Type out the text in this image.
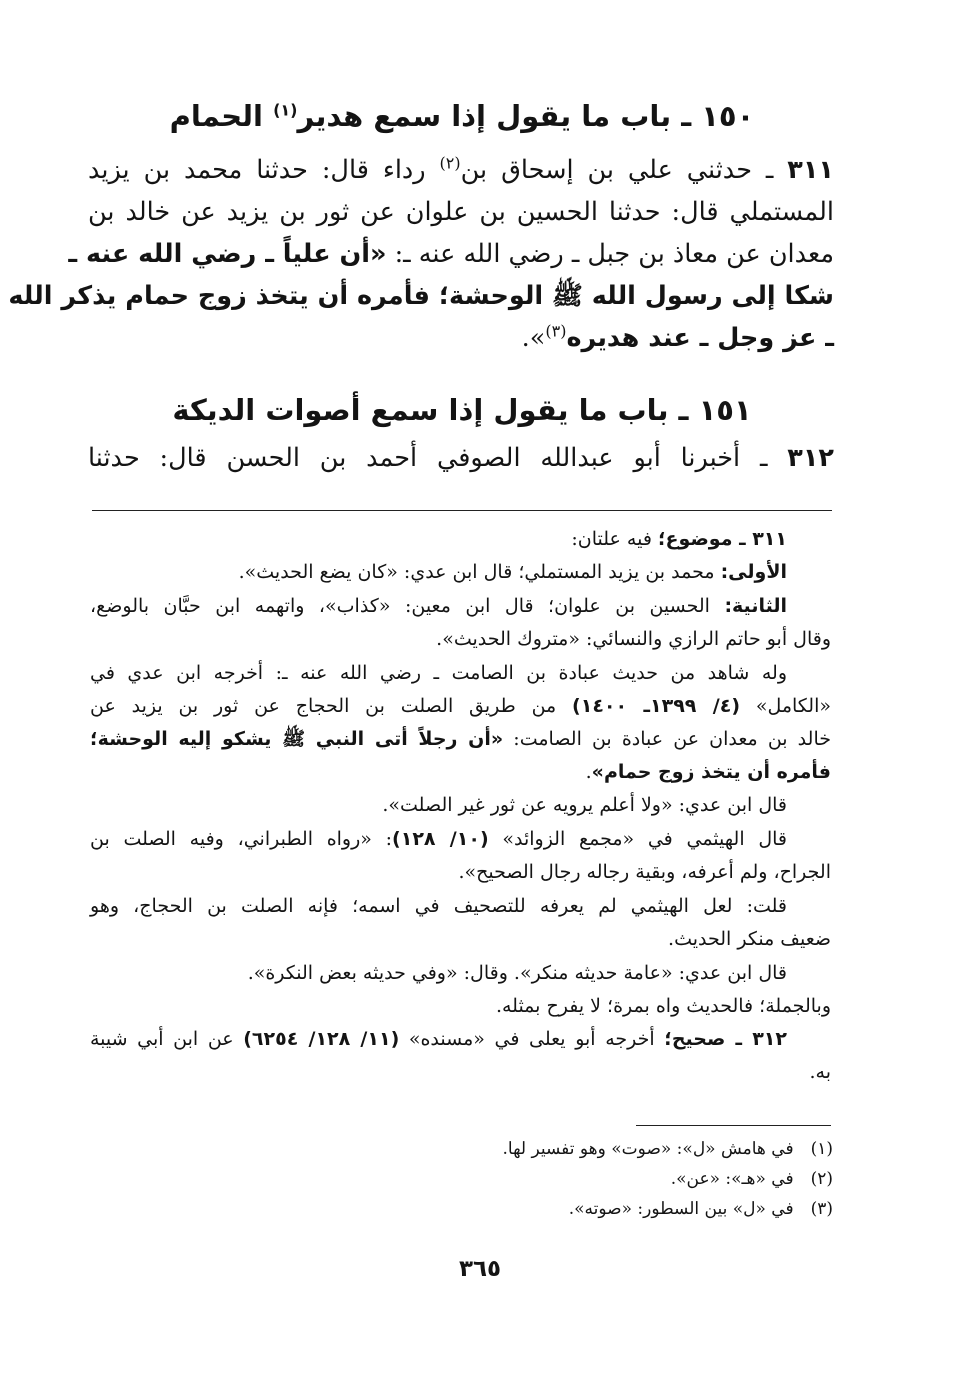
١٥٠ ـ باب ما يقول إذا سمع هدير$^{(١)}$ الحمام
٣١١ ـ حدثني علي بن إسحاق بن$^{(٢)}$ رداء قال: حدثنا محمد بن يزيد
المستملي قال: حدثنا الحسين بن علوان عن ثور بن يزيد عن خالد بن
معدان عن معاذ بن جبل ـ رضي الله عنه ـ: «أن علياً ـ رضي الله عنه ـ
شكا إلى رسول الله ﷺ الوحشة؛ فأمره أن يتخذ زوج حمام يذكر الله
ـ عز وجل ـ عند هديره$^{(٣)}$».
١٥١ ـ باب ما يقول إذا سمع أصوات الديكة
٣١٢ ـ أخبرنا أبو عبدالله الصوفي أحمد بن الحسن قال: حدثنا
٣١١ ـ موضوع؛ فيه علتان:
الأولى: محمد بن يزيد المستملي؛ قال ابن عدي: «كان يضع الحديث».
الثانية: الحسين بن علوان؛ قال ابن معين: «كذاب»، واتهمه ابن حبَّان بالوضع،
وقال أبو حاتم الرازي والنسائي: «متروك الحديث».
وله شاهد من حديث عبادة بن الصامت ـ رضي الله عنه ـ: أخرجه ابن عدي في
«الكامل» (٤/ ١٣٩٩ـ ١٤٠٠) من طريق الصلت بن الحجاج عن ثور بن يزيد عن
خالد بن معدان عن عبادة بن الصامت: «أن رجلاً أتى النبي ﷺ يشكو إليه الوحشة؛
فأمره أن يتخذ زوج حمام».
قال ابن عدي: «ولا أعلم يرويه عن ثور غير الصلت».
قال الهيثمي في «مجمع الزوائد» (١٠/ ١٢٨): «رواه الطبراني، وفيه الصلت بن
الجراح، ولم أعرفه، وبقية رجاله رجال الصحيح».
قلت: لعل الهيثمي لم يعرفه للتصحيف في اسمه؛ فإنه الصلت بن الحجاج، وهو
ضعيف منكر الحديث.
قال ابن عدي: «عامة حديثه منكر». وقال: «وفي حديثه بعض النكرة».
وبالجملة؛ فالحديث واه بمرة؛ لا يفرح بمثله.
٣١٢ ـ صحيح؛ أخرجه أبو يعلى في «مسنده» (١١/ ١٢٨/ ٦٢٥٤) عن ابن أبي شيبة
به.
(١) في هامش «ل»: «صوت» وهو تفسير لها.
(٢) في «هـ»: «عن».
(٣) في «ل» بين السطور: «صوته».
٣٦٥
